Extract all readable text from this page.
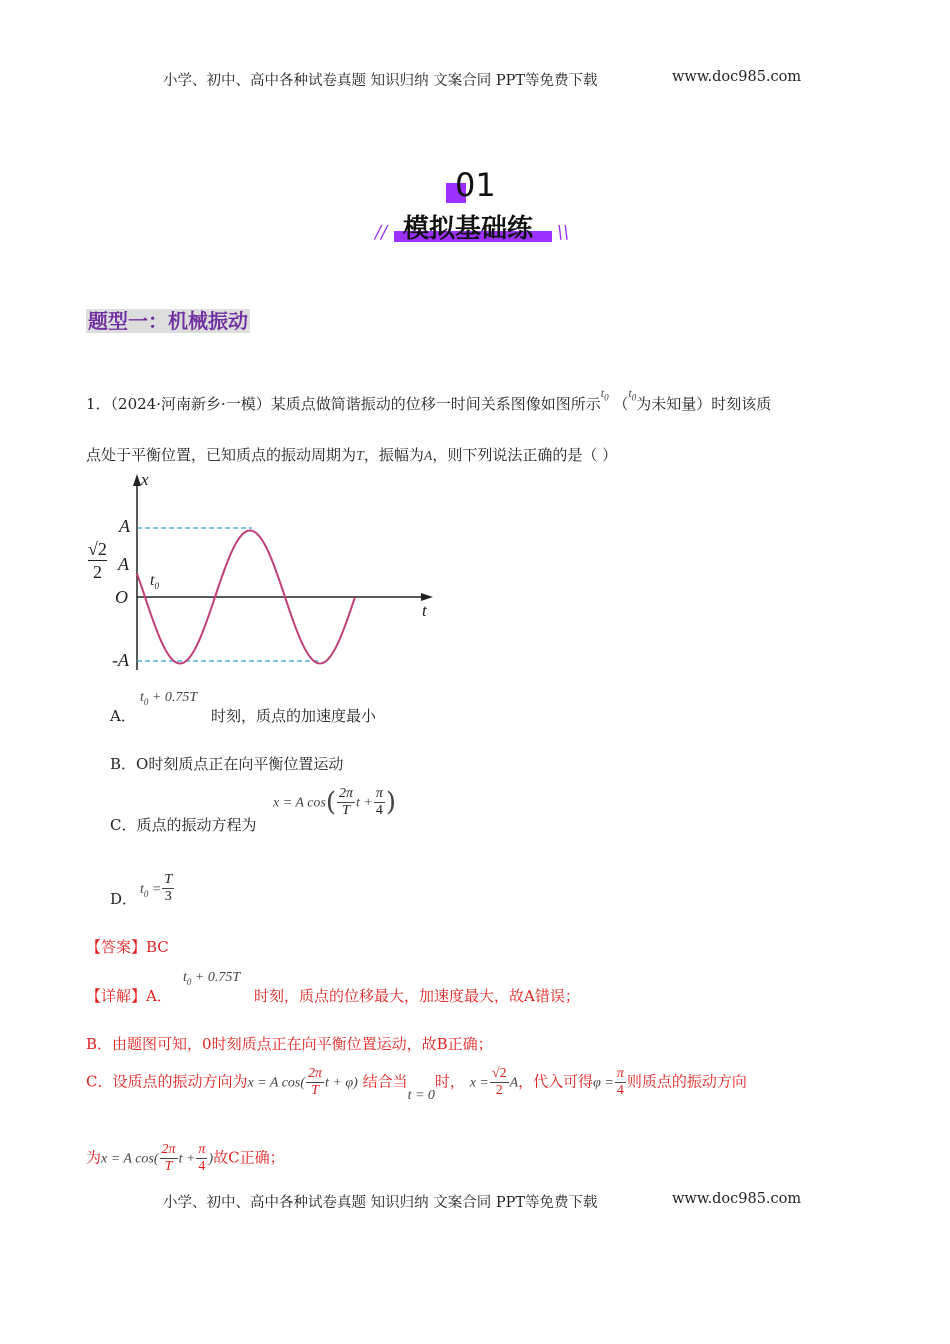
小学、初中、高中各种试卷真题 知识归纳 文案合同 PPT等免费下载	www.doc985.com
01
模拟基础练
//	\\
题型一：机械振动
1．（2024·河南新乡·一模）某质点做简谐振动的位移一时间关系图像如图所示$^{t_0}$ （$^{t_0}$为未知量）时刻该质
点处于平衡位置，已知质点的振动周期为T，振幅为A，则下列说法正确的是（ ）
x
t
A
√2
2 A
O
$t_0$
-A
A．
$t_0 + 0.75T$
时刻，质点的加速度最小
B．O时刻质点正在向平衡位置运动
C．质点的振动方程为
x = A $\cos( \frac{2\pi}{T}$ $t + \frac{\pi}{4}$ )
D．
$t_0 = \frac{T}{3}$
【答案】BC
【详解】A．
$t_0 + 0.75T$
时刻，质点的位移最大，加速度最大，故A错误；
B．由题图可知，0时刻质点正在向平衡位置运动，故B正确；
C．设质点的振动方向为x = A $\cos( \frac{2\pi}{T}$ t + φ) 结合当t = 0时， $x = \frac{√2}{2}$ A，代入可得$\varphi = \frac{\pi}{4}$ 则质点的振动方向
为x = A $\cos( \frac{2\pi}{T}$ $t + \frac{\pi}{4}$ )故C正确；
小学、初中、高中各种试卷真题 知识归纳 文案合同 PPT等免费下载	www.doc985.com
